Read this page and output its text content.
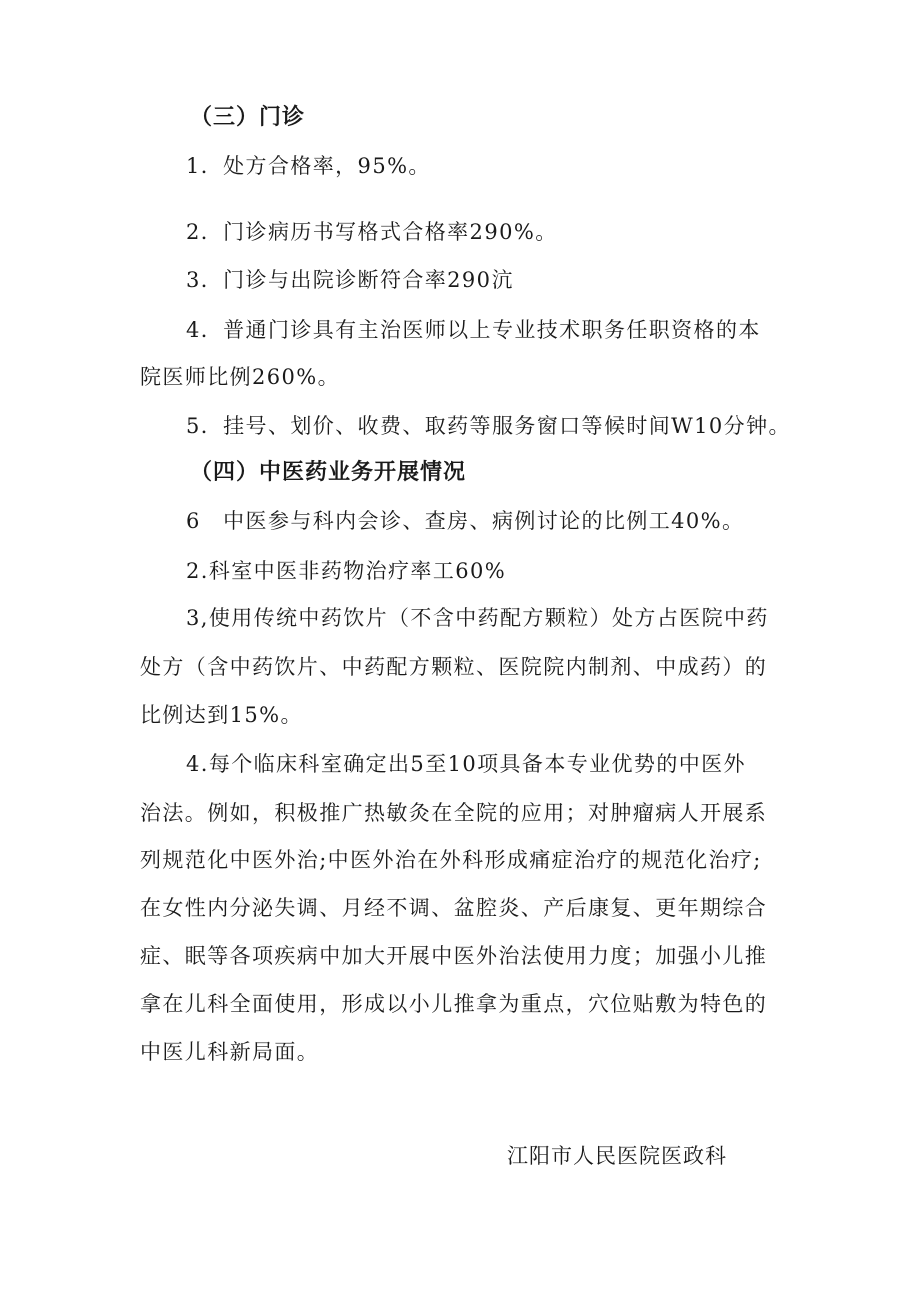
（三）门诊
1．处方合格率，95%。
2．门诊病历书写格式合格率290%。
3．门诊与出院诊断符合率290沆
4．普通门诊具有主治医师以上专业技术职务任职资格的本
院医师比例260%。
5．挂号、划价、收费、取药等服务窗口等候时间W10分钟。
（四）中医药业务开展情况
6　中医参与科内会诊、查房、病例讨论的比例工40%。
2.科室中医非药物治疗率工60%
3,使用传统中药饮片（不含中药配方颗粒）处方占医院中药
处方（含中药饮片、中药配方颗粒、医院院内制剂、中成药）的
比例达到15%。
4.每个临床科室确定出5至10项具备本专业优势的中医外
治法。例如，积极推广热敏灸在全院的应用；对肿瘤病人开展系
列规范化中医外治;中医外治在外科形成痛症治疗的规范化治疗;
在女性内分泌失调、月经不调、盆腔炎、产后康复、更年期综合
症、眠等各项疾病中加大开展中医外治法使用力度；加强小儿推
拿在儿科全面使用，形成以小儿推拿为重点，穴位贴敷为特色的
中医儿科新局面。
江阳市人民医院医政科
